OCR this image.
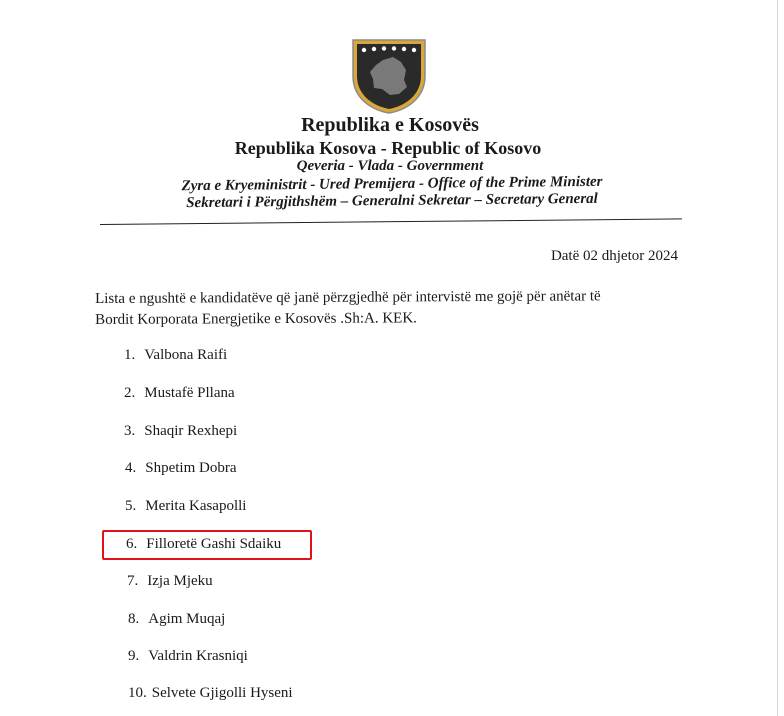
Republika e Kosovës
Republika Kosova - Republic of Kosovo
Qeveria - Vlada - Government
Zyra e Kryeministrit - Ured Premijera - Office of the Prime Minister
Sekretari i Përgjithshëm – Generalni Sekretar – Secretary General
Datë 02 dhjetor 2024
Lista e ngushtë e kandidatëve që janë përzgjedhë për intervistë me gojë për anëtar të
Bordit Korporata Energjetike e Kosovës .Sh:A. KEK.
1. Valbona Raifi
2. Mustafë Pllana
3. Shaqir Rexhepi
4. Shpetim Dobra
5. Merita Kasapolli
6. Filloretë Gashi Sdaiku
7. Izja Mjeku
8. Agim Muqaj
9. Valdrin Krasniqi
10. Selvete Gjigolli Hyseni
